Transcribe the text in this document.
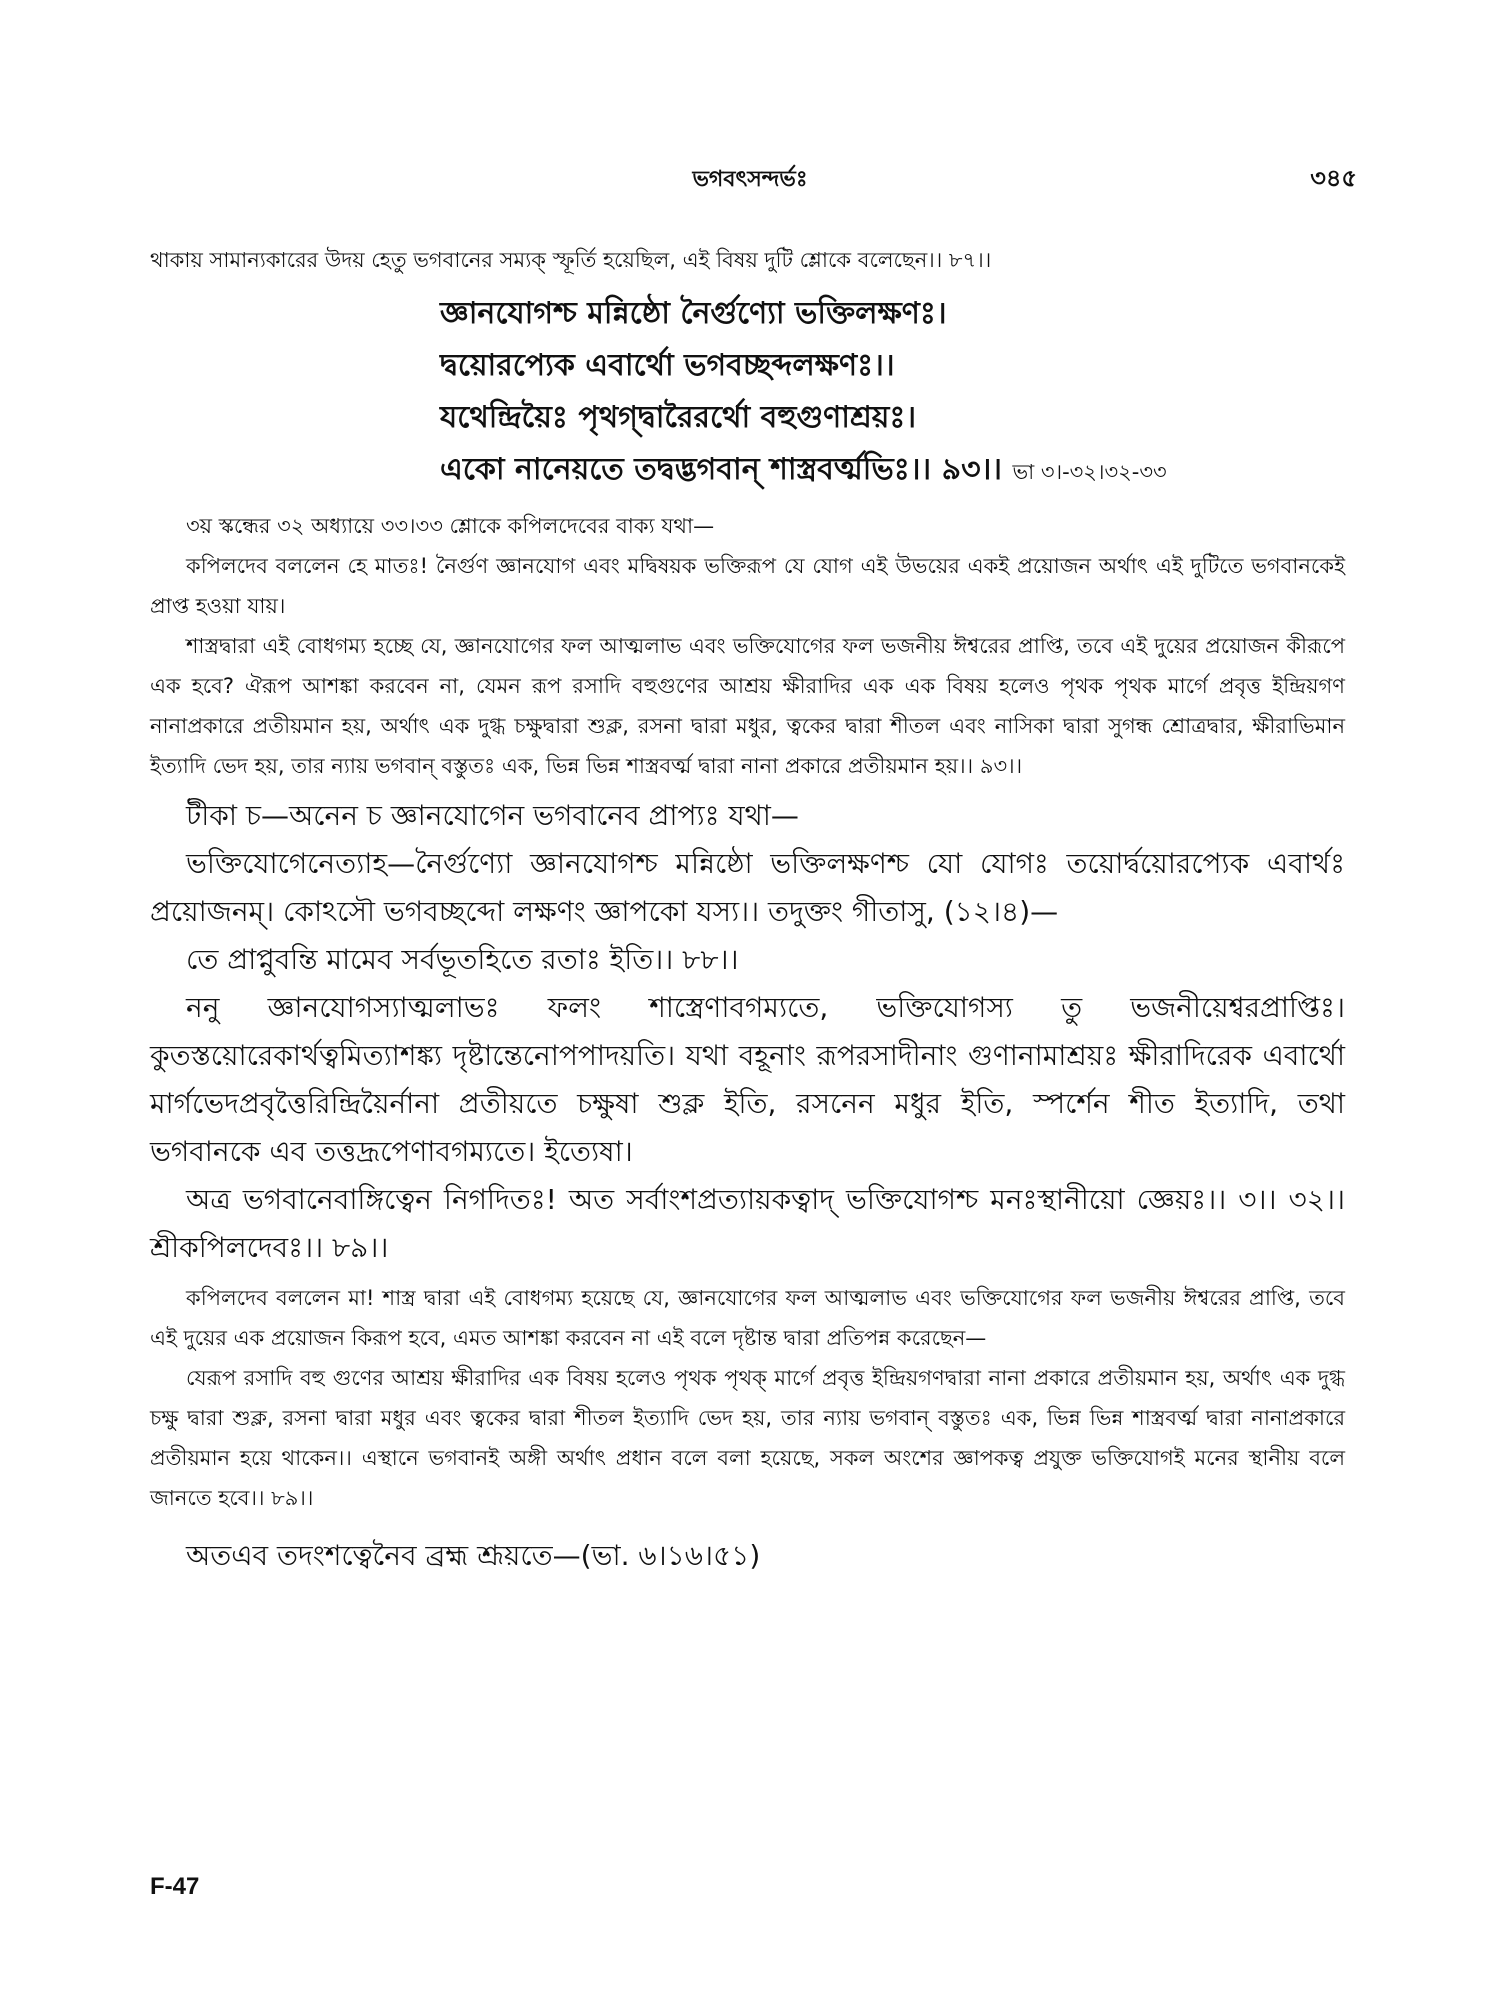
ভগবৎসন্দর্ভঃ	৩৪৫

থাকায় সামান্যকারের উদয় হেতু ভগবানের সম্যক্ স্ফূর্তি হয়েছিল, এই বিষয় দুটি শ্লোকে বলেছেন।। ৮৭।।

জ্ঞানযোগশ্চ মন্নিষ্ঠো নৈর্গুণ্যো ভক্তিলক্ষণঃ।
দ্বয়োরপ্যেক এবার্থো ভগবচ্ছব্দলক্ষণঃ।।
যথেন্দ্রিয়ৈঃ পৃথগ্দ্বারৈরর্থো বহুগুণাশ্রয়ঃ।
একো নানেয়তে তদ্বদ্ভগবান্ শাস্ত্রবর্ত্মভিঃ।। ৯৩।। ভা ৩।-৩২।৩২-৩৩

৩য় স্কন্ধের ৩২ অধ্যায়ে ৩৩।৩৩ শ্লোকে কপিলদেবের বাক্য যথা—

কপিলদেব বললেন হে মাতঃ! নৈর্গুণ জ্ঞানযোগ এবং মদ্বিষয়ক ভক্তিরূপ যে যোগ এই উভয়ের একই প্রয়োজন অর্থাৎ এই দুটিতে ভগবানকেই প্রাপ্ত হওয়া যায়।

শাস্ত্রদ্বারা এই বোধগম্য হচ্ছে যে, জ্ঞানযোগের ফল আত্মলাভ এবং ভক্তিযোগের ফল ভজনীয় ঈশ্বরের প্রাপ্তি, তবে এই দুয়ের প্রয়োজন কীরূপে এক হবে? ঐরূপ আশঙ্কা করবেন না, যেমন রূপ রসাদি বহুগুণের আশ্রয় ক্ষীরাদির এক এক বিষয় হলেও পৃথক পৃথক মার্গে প্রবৃত্ত ইন্দ্রিয়গণ নানাপ্রকারে প্রতীয়মান হয়, অর্থাৎ এক দুগ্ধ চক্ষুদ্বারা শুক্ল, রসনা দ্বারা মধুর, ত্বকের দ্বারা শীতল এবং নাসিকা দ্বারা সুগন্ধ শ্রোত্রদ্বার, ক্ষীরাভিমান ইত্যাদি ভেদ হয়, তার ন্যায় ভগবান্ বস্তুতঃ এক, ভিন্ন ভিন্ন শাস্ত্রবর্ত্ম দ্বারা নানা প্রকারে প্রতীয়মান হয়।। ৯৩।।

টীকা চ—অনেন চ জ্ঞানযোগেন ভগবানেব প্রাপ্যঃ যথা—

ভক্তিযোগেনেত্যাহ—নৈর্গুণ্যো জ্ঞানযোগশ্চ মন্নিষ্ঠো ভক্তিলক্ষণশ্চ যো যোগঃ তয়োর্দ্বয়োরপ্যেক এবার্থঃ প্রয়োজনম্। কোঽসৌ ভগবচ্ছব্দো লক্ষণং জ্ঞাপকো যস্য।। তদুক্তং গীতাসু, (১২।৪)—

তে প্রাপ্নুবন্তি মামেব সর্বভূতহিতে রতাঃ ইতি।। ৮৮।।

ননু জ্ঞানযোগস্যাত্মলাভঃ ফলং শাস্ত্রেণাবগম্যতে, ভক্তিযোগস্য তু ভজনীয়েশ্বরপ্রাপ্তিঃ। কুতস্তয়োরেকার্থত্বমিত্যাশঙ্ক্য দৃষ্টান্তেনোপপাদয়তি। যথা বহূনাং রূপরসাদীনাং গুণানামাশ্রয়ঃ ক্ষীরাদিরেক এবার্থো মার্গভেদপ্রবৃত্তৈরিন্দ্রিয়ৈর্নানা প্রতীয়তে চক্ষুষা শুক্ল ইতি, রসনেন মধুর ইতি, স্পর্শেন শীত ইত্যাদি, তথা ভগবানকে এব তত্তদ্রূপেণাবগম্যতে। ইত্যেষা।

অত্র ভগবানেবাঙ্গিত্বেন নিগদিতঃ! অত সর্বাংশপ্রত্যায়কত্বাদ্ ভক্তিযোগশ্চ মনঃস্থানীয়ো জ্ঞেয়ঃ।। ৩।। ৩২।। শ্রীকপিলদেবঃ।। ৮৯।।

কপিলদেব বললেন মা! শাস্ত্র দ্বারা এই বোধগম্য হয়েছে যে, জ্ঞানযোগের ফল আত্মলাভ এবং ভক্তিযোগের ফল ভজনীয় ঈশ্বরের প্রাপ্তি, তবে এই দুয়ের এক প্রয়োজন কিরূপ হবে, এমত আশঙ্কা করবেন না এই বলে দৃষ্টান্ত দ্বারা প্রতিপন্ন করেছেন—

যেরূপ রসাদি বহু গুণের আশ্রয় ক্ষীরাদির এক বিষয় হলেও পৃথক পৃথক্ মার্গে প্রবৃত্ত ইন্দ্রিয়গণদ্বারা নানা প্রকারে প্রতীয়মান হয়, অর্থাৎ এক দুগ্ধ চক্ষু দ্বারা শুক্ল, রসনা দ্বারা মধুর এবং ত্বকের দ্বারা শীতল ইত্যাদি ভেদ হয়, তার ন্যায় ভগবান্ বস্তুতঃ এক, ভিন্ন ভিন্ন শাস্ত্রবর্ত্ম দ্বারা নানাপ্রকারে প্রতীয়মান হয়ে থাকেন।। এস্থানে ভগবানই অঙ্গী অর্থাৎ প্রধান বলে বলা হয়েছে, সকল অংশের জ্ঞাপকত্ব প্রযুক্ত ভক্তিযোগই মনের স্থানীয় বলে জানতে হবে।। ৮৯।।

অতএব তদংশত্বেনৈব ব্রহ্ম শ্রূয়তে—(ভা. ৬।১৬।৫১)

F-47
